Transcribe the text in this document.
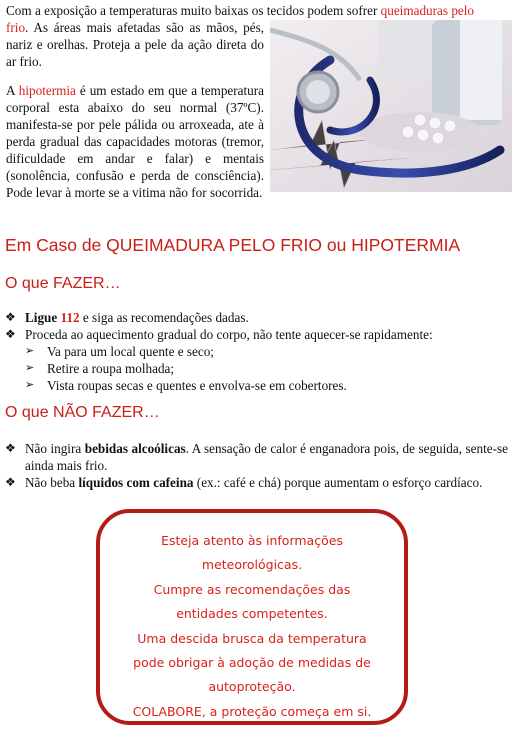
Com a exposição a temperaturas muito baixas os tecidos podem sofrer queimaduras pelo
frio. As áreas mais afetadas são as mãos, pés, nariz e orelhas. Proteja a pele da ação direta do ar frio.

A hipotermia é um estado em que a temperatura corporal esta abaixo do seu normal (37ºC). manifesta-se por pele pálida ou arroxeada, ate à perda gradual das capacidades motoras (tremor, dificuldade em andar e falar) e mentais (sonolência, confusão e perda de consciência). Pode levar à morte se a vitima não for socorrida.

Em Caso de QUEIMADURA PELO FRIO ou HIPOTERMIA
O que FAZER…
❖ Ligue 112 e siga as recomendações dadas.
❖ Proceda ao aquecimento gradual do corpo, não tente aquecer-se rapidamente:
➢ Va para um local quente e seco;
➢ Retire a roupa molhada;
➢ Vista roupas secas e quentes e envolva-se em cobertores.
O que NÃO FAZER…
❖ Não ingira bebidas alcoólicas. A sensação de calor é enganadora pois, de seguida, sente-se ainda mais frio.
❖ Não beba líquidos com cafeina (ex.: café e chá) porque aumentam o esforço cardíaco.
Esteja atento às informações
meteorológicas.
Cumpre as recomendações das
entidades competentes.
Uma descida brusca da temperatura
pode obrigar à adoção de medidas de
autoproteção.
COLABORE, a proteção começa em si.
